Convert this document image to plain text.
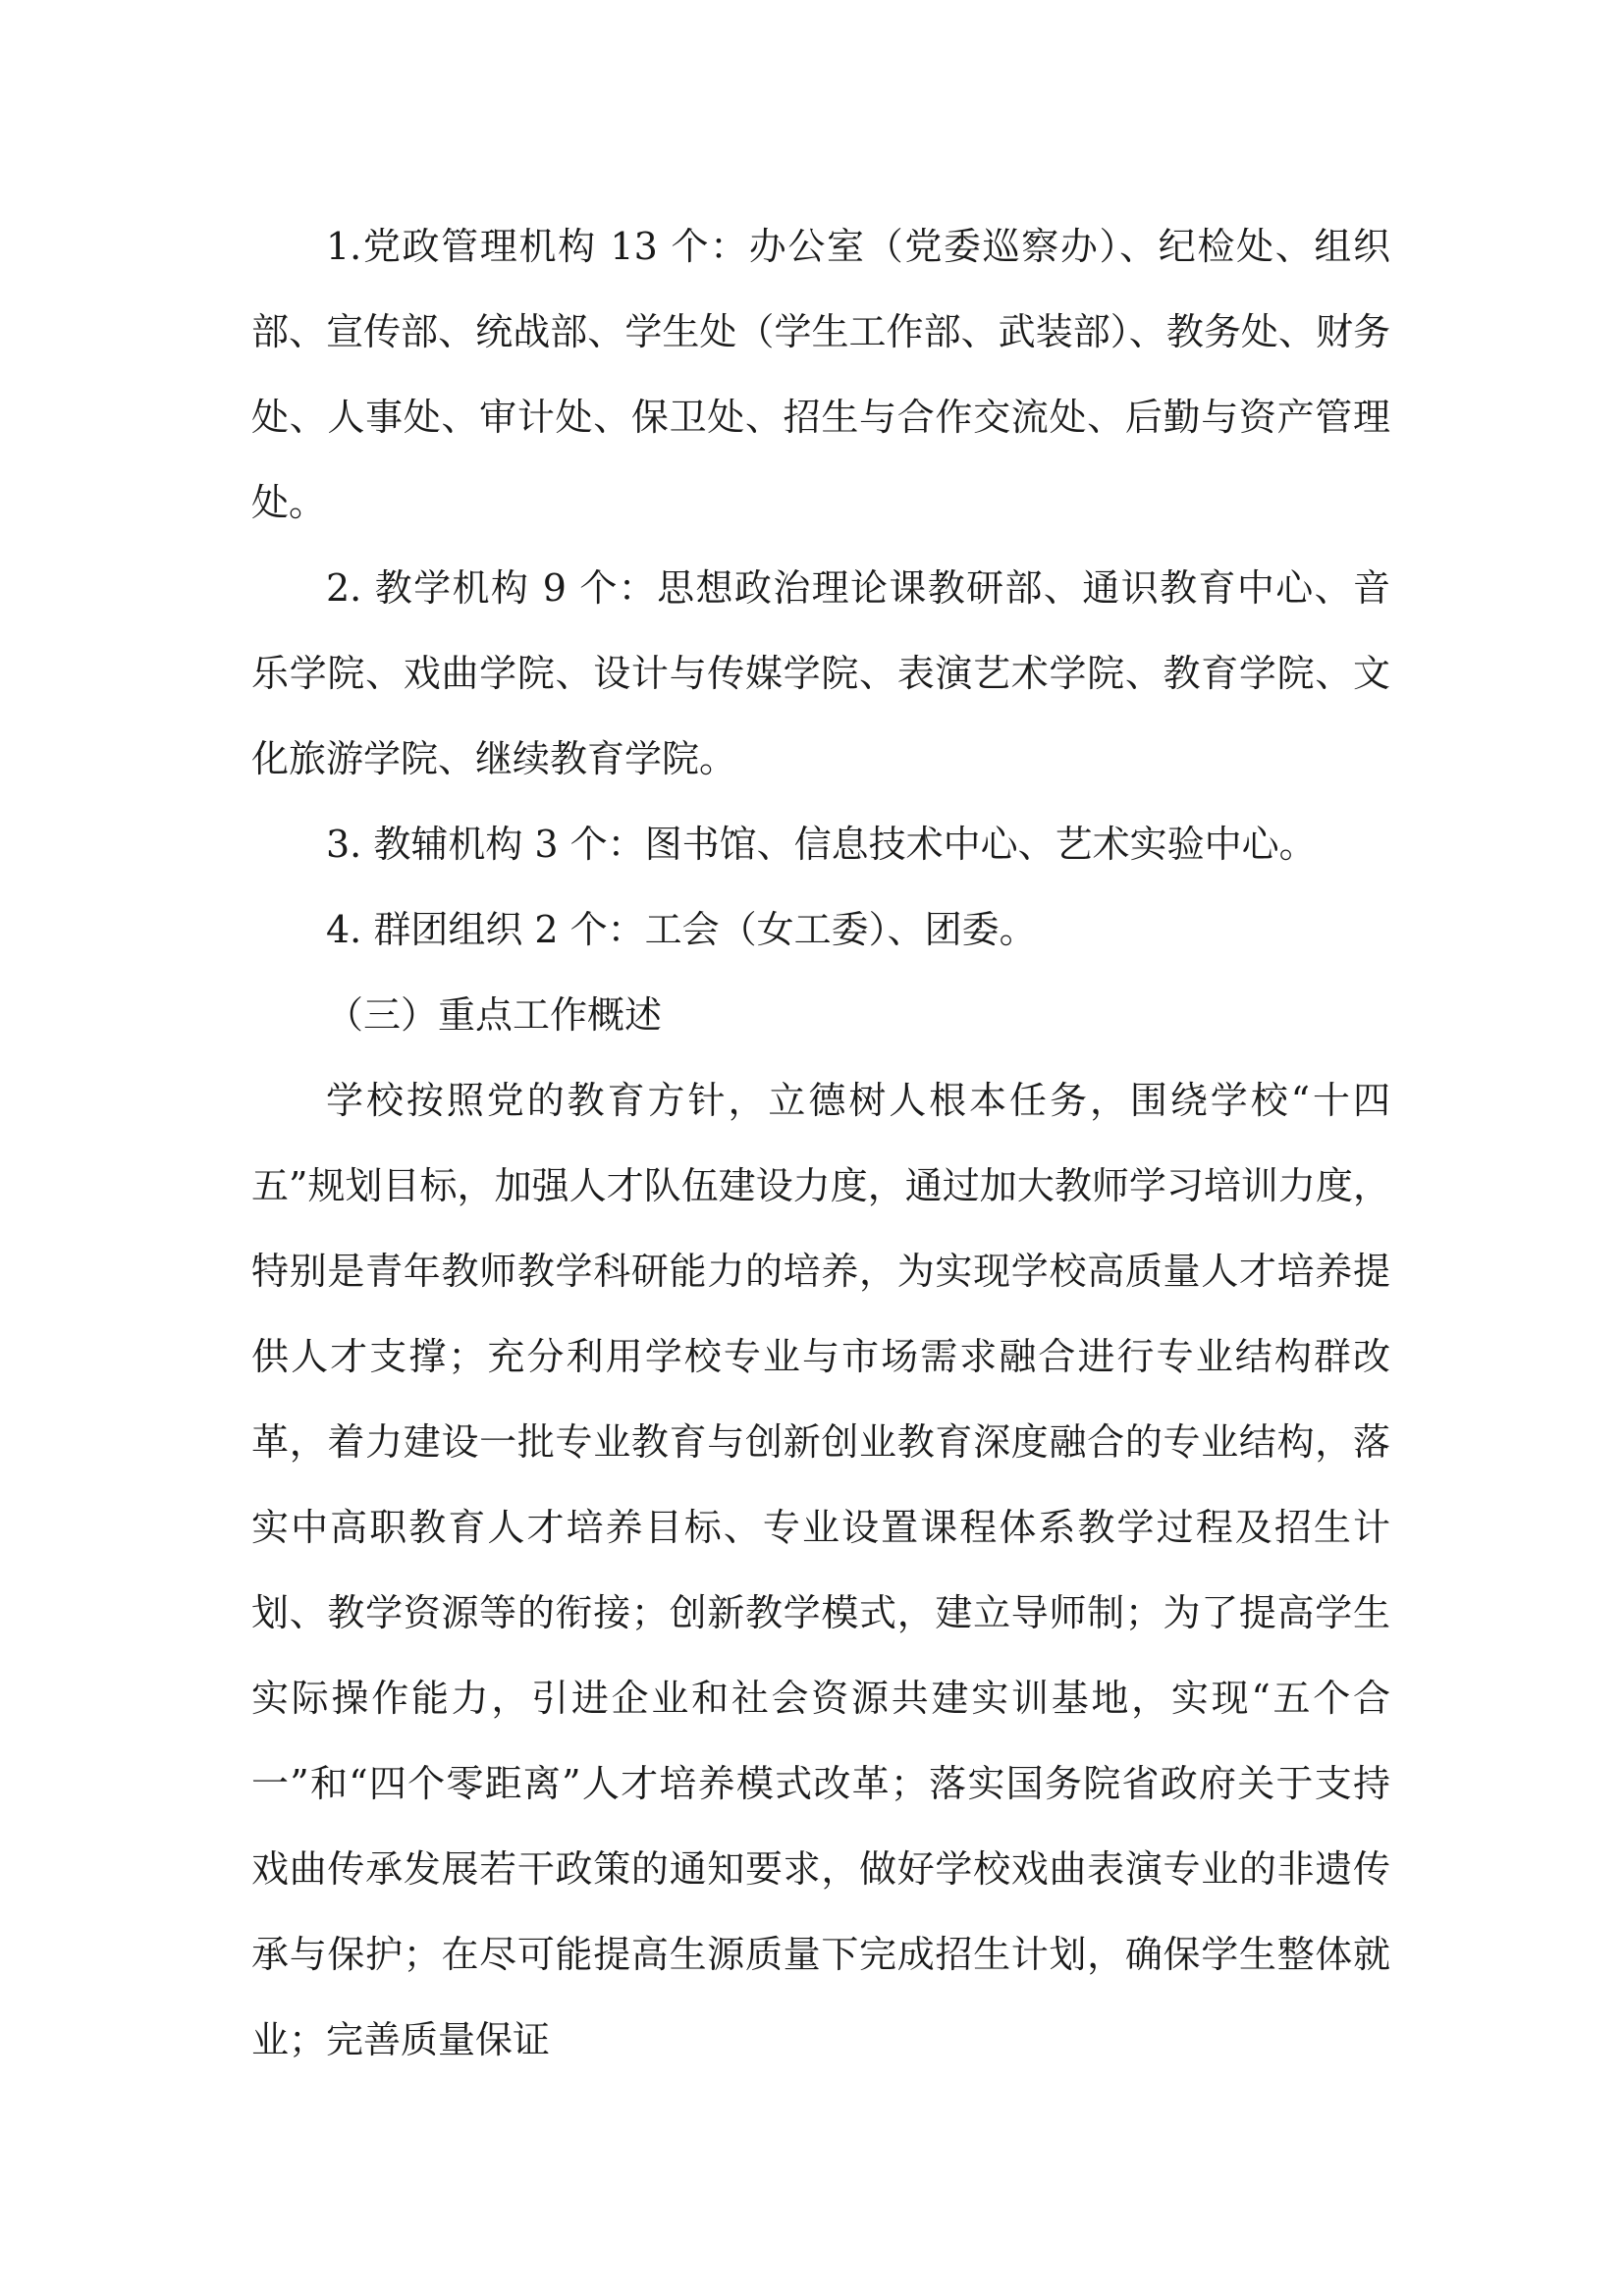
1.党政管理机构 13 个：办公室（党委巡察办）、纪检处、组织部、宣传部、统战部、学生处（学生工作部、武装部）、教务处、财务处、人事处、审计处、保卫处、招生与合作交流处、后勤与资产管理处。

2. 教学机构 9 个：思想政治理论课教研部、通识教育中心、音乐学院、戏曲学院、设计与传媒学院、表演艺术学院、教育学院、文化旅游学院、继续教育学院。

3. 教辅机构 3 个：图书馆、信息技术中心、艺术实验中心。

4. 群团组织 2 个：工会（女工委）、团委。

（三）重点工作概述

学校按照党的教育方针，立德树人根本任务，围绕学校“十四五”规划目标，加强人才队伍建设力度，通过加大教师学习培训力度，特别是青年教师教学科研能力的培养，为实现学校高质量人才培养提供人才支撑；充分利用学校专业与市场需求融合进行专业结构群改革，着力建设一批专业教育与创新创业教育深度融合的专业结构，落实中高职教育人才培养目标、专业设置课程体系教学过程及招生计划、教学资源等的衔接；创新教学模式，建立导师制；为了提高学生实际操作能力，引进企业和社会资源共建实训基地，实现“五个合一”和“四个零距离”人才培养模式改革；落实国务院省政府关于支持戏曲传承发展若干政策的通知要求，做好学校戏曲表演专业的非遗传承与保护；在尽可能提高生源质量下完成招生计划，确保学生整体就业；完善质量保证
